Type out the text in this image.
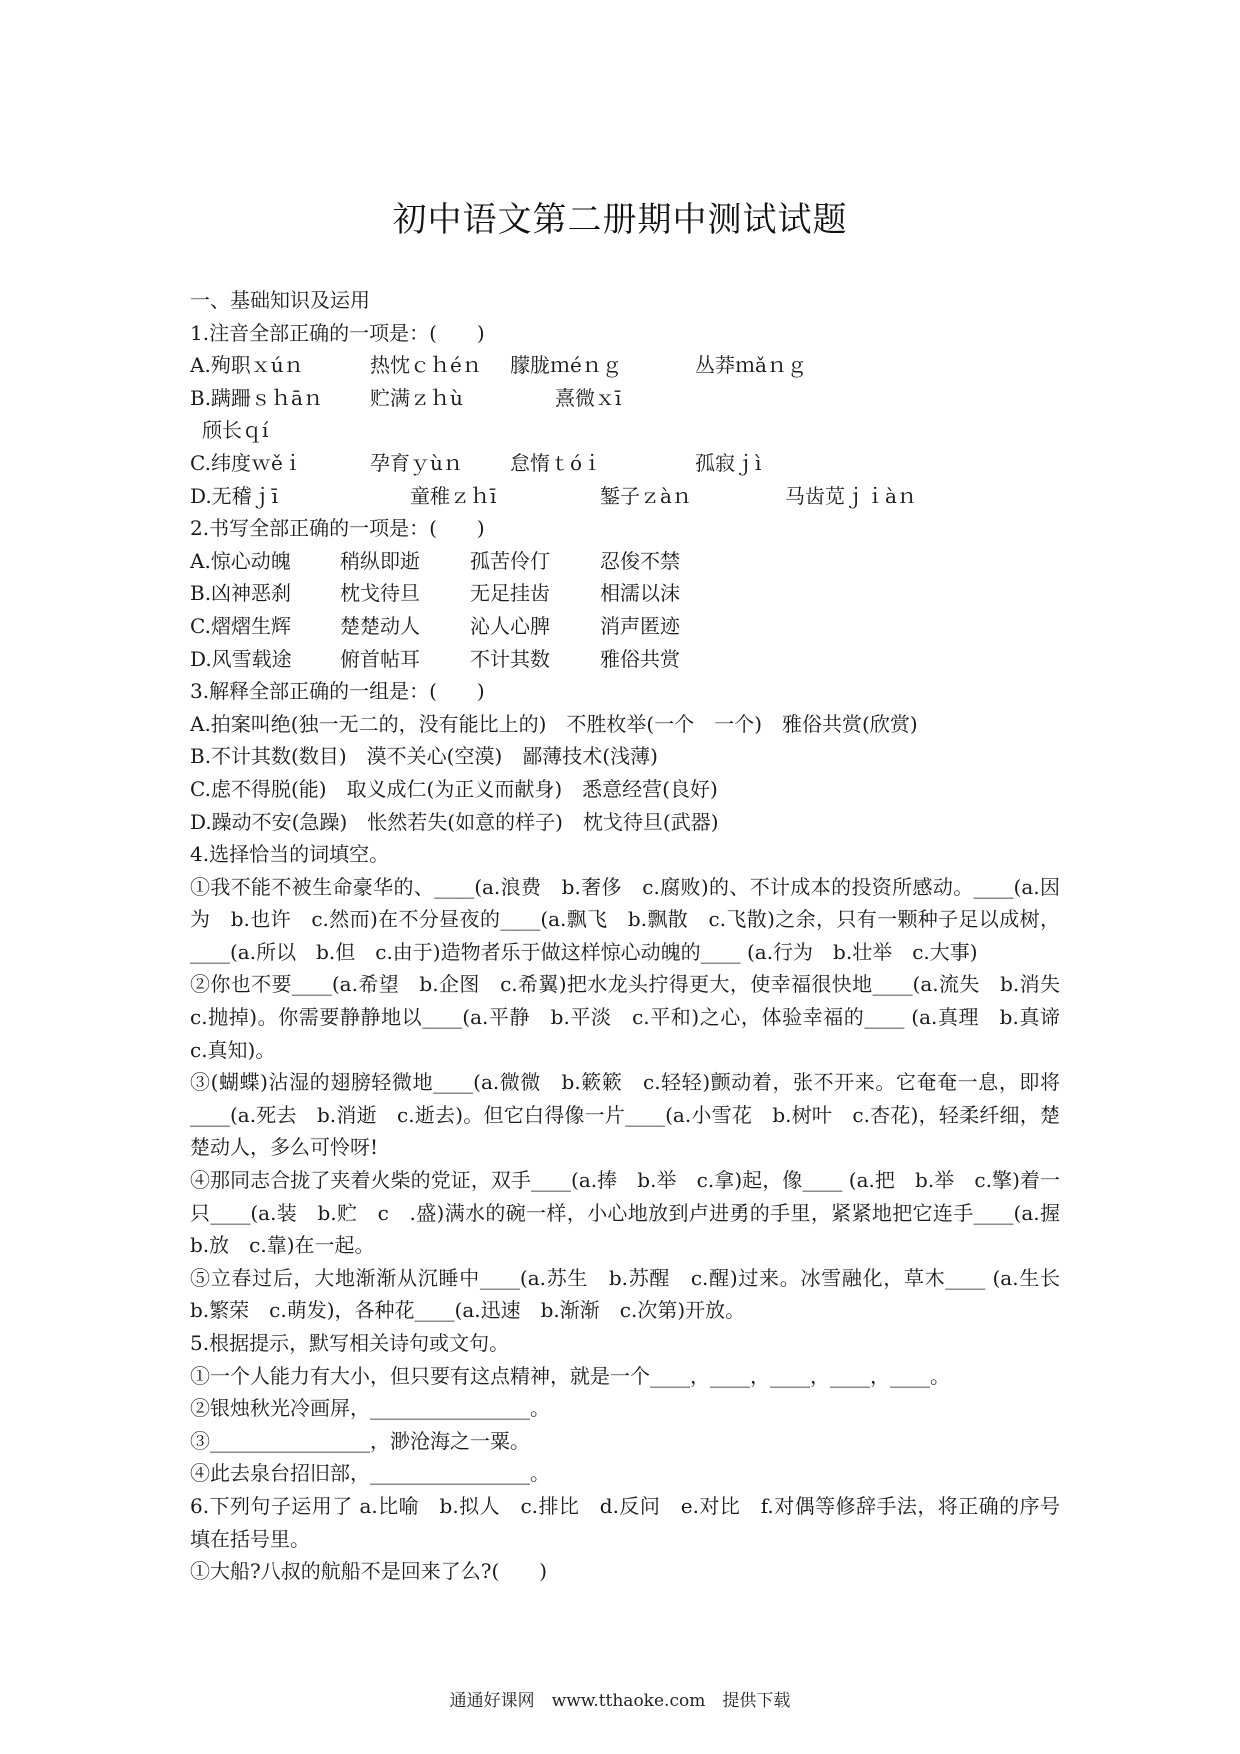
初中语文第二册期中测试试题
一、基础知识及运用
1.注音全部正确的一项是：(　　)
A.殉职ｘúｎ	热忱ｃｈéｎ 朦胧ｍéｎｇ	丛莽ｍǎｎｇ
B.蹒跚ｓｈāｎ 贮满ｚｈù	熹微ｘī
颀长ｑí
C.纬度ｗěｉ	孕育ｙùｎ 怠惰ｔóｉ	孤寂ｊì
D.无稽ｊī	童稚ｚｈī	錾子ｚàｎ	马齿苋ｊｉàｎ
2.书写全部正确的一项是：(　　)
A.惊心动魄 稍纵即逝	孤苦伶仃	忍俊不禁
B.凶神恶刹 枕戈待旦	无足挂齿	相濡以沫
C.熠熠生辉 楚楚动人	沁人心脾	消声匿迹
D.风雪载途 俯首帖耳	不计其数	雅俗共赏
3.解释全部正确的一组是：(　　)
A.拍案叫绝(独一无二的，没有能比上的)　不胜枚举(一个　一个)　雅俗共赏(欣赏)
B.不计其数(数目)　漠不关心(空漠)　鄙薄技术(浅薄)
C.虑不得脱(能)　取义成仁(为正义而献身)　悉意经营(良好)
D.躁动不安(急躁)　怅然若失(如意的样子)　枕戈待旦(武器)
4.选择恰当的词填空。
①我不能不被生命豪华的、____(a.浪费　b.奢侈　c.腐败)的、不计成本的投资所感动。____(a.因为　b.也许　c.然而)在不分昼夜的____(a.飘飞　b.飘散　c.飞散)之余，只有一颗种子足以成树，____(a.所以　b.但　c.由于)造物者乐于做这样惊心动魄的____ (a.行为　b.壮举　c.大事)
②你也不要____(a.希望　b.企图　c.希翼)把水龙头拧得更大，使幸福很快地____(a.流失　b.消失　c.抛掉)。你需要静静地以____(a.平静　b.平淡　c.平和)之心，体验幸福的____ (a.真理　b.真谛　c.真知)。
③(蝴蝶)沾湿的翅膀轻微地____(a.微微　b.簌簌　c.轻轻)颤动着，张不开来。它奄奄一息，即将____(a.死去　b.消逝　c.逝去)。但它白得像一片____(a.小雪花　b.树叶　c.杏花)，轻柔纤细，楚楚动人，多么可怜呀!
④那同志合拢了夹着火柴的党证，双手____(a.捧　b.举　c.拿)起，像____ (a.把　b.举　c.擎)着一只____(a.装　b.贮　c　.盛)满水的碗一样，小心地放到卢进勇的手里，紧紧地把它连手____(a.握　b.放　c.靠)在一起。
⑤立春过后，大地渐渐从沉睡中____(a.苏生　b.苏醒　c.醒)过来。冰雪融化，草木____ (a.生长　b.繁荣　c.萌发)，各种花____(a.迅速　b.渐渐　c.次第)开放。
5.根据提示，默写相关诗句或文句。
①一个人能力有大小，但只要有这点精神，就是一个____，____，____，____，____。
②银烛秋光冷画屏，________________。
③________________，渺沧海之一粟。
④此去泉台招旧部，________________。
6.下列句子运用了 a.比喻　b.拟人　c.排比　d.反问　e.对比　f.对偶等修辞手法，将正确的序号填在括号里。
①大船?八叔的航船不是回来了么?(　　)
通通好课网　www.tthaoke.com　提供下载
